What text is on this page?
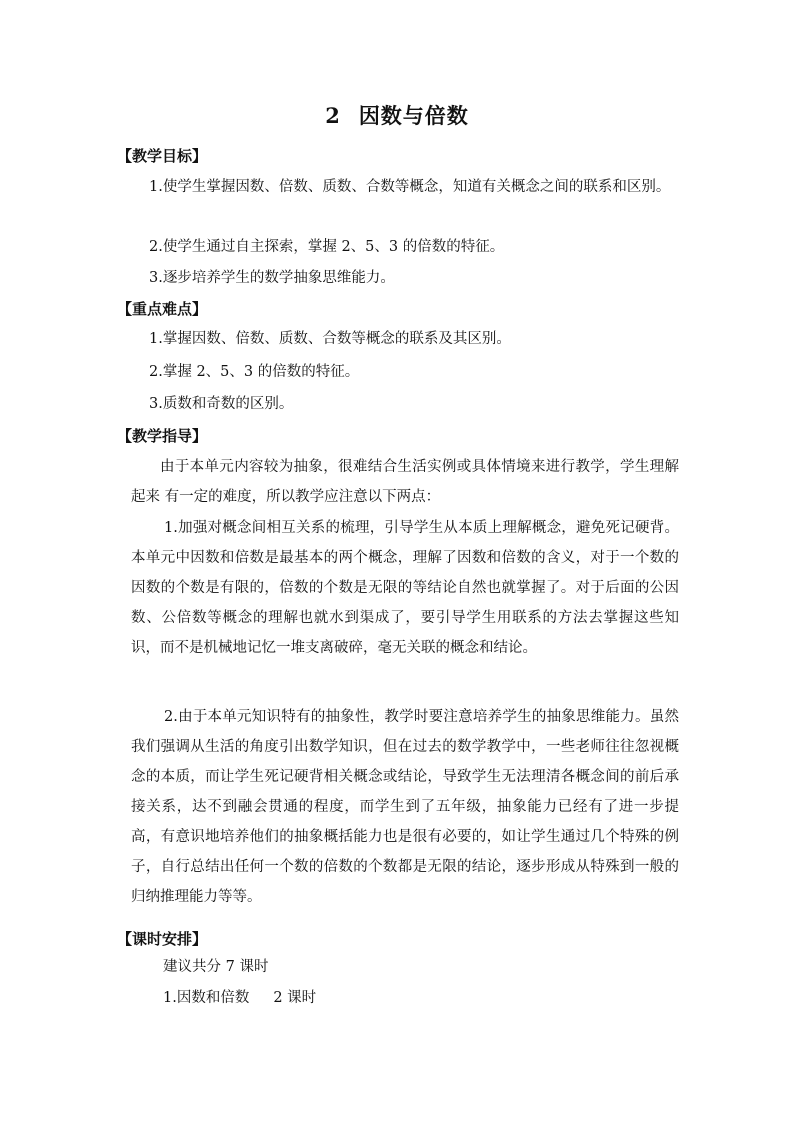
2 因数与倍数
【教学目标】
1.使学生掌握因数、倍数、质数、合数等概念，知道有关概念之间的联系和区别。
2.使学生通过自主探索，掌握 2、5、3 的倍数的特征。
3.逐步培养学生的数学抽象思维能力。
【重点难点】
1.掌握因数、倍数、质数、合数等概念的联系及其区别。
2.掌握 2、5、3 的倍数的特征。
3.质数和奇数的区别。
【教学指导】
由于本单元内容较为抽象，很难结合生活实例或具体情境来进行教学，学生理解起来 有一定的难度，所以教学应注意以下两点：
1.加强对概念间相互关系的梳理，引导学生从本质上理解概念，避免死记硬背。本单元中因数和倍数是最基本的两个概念，理解了因数和倍数的含义，对于一个数的因数的个数是有限的，倍数的个数是无限的等结论自然也就掌握了。对于后面的公因数、公倍数等概念的理解也就水到渠成了，要引导学生用联系的方法去掌握这些知识，而不是机械地记忆一堆支离破碎，毫无关联的概念和结论。
2.由于本单元知识特有的抽象性，教学时要注意培养学生的抽象思维能力。虽然我们强调从生活的角度引出数学知识，但在过去的数学教学中，一些老师往往忽视概念的本质，而让学生死记硬背相关概念或结论，导致学生无法理清各概念间的前后承接关系，达不到融会贯通的程度，而学生到了五年级，抽象能力已经有了进一步提高，有意识地培养他们的抽象概括能力也是很有必要的，如让学生通过几个特殊的例子，自行总结出任何一个数的倍数的个数都是无限的结论，逐步形成从特殊到一般的归纳推理能力等等。
【课时安排】
建议共分 7 课时
1.因数和倍数 2 课时
